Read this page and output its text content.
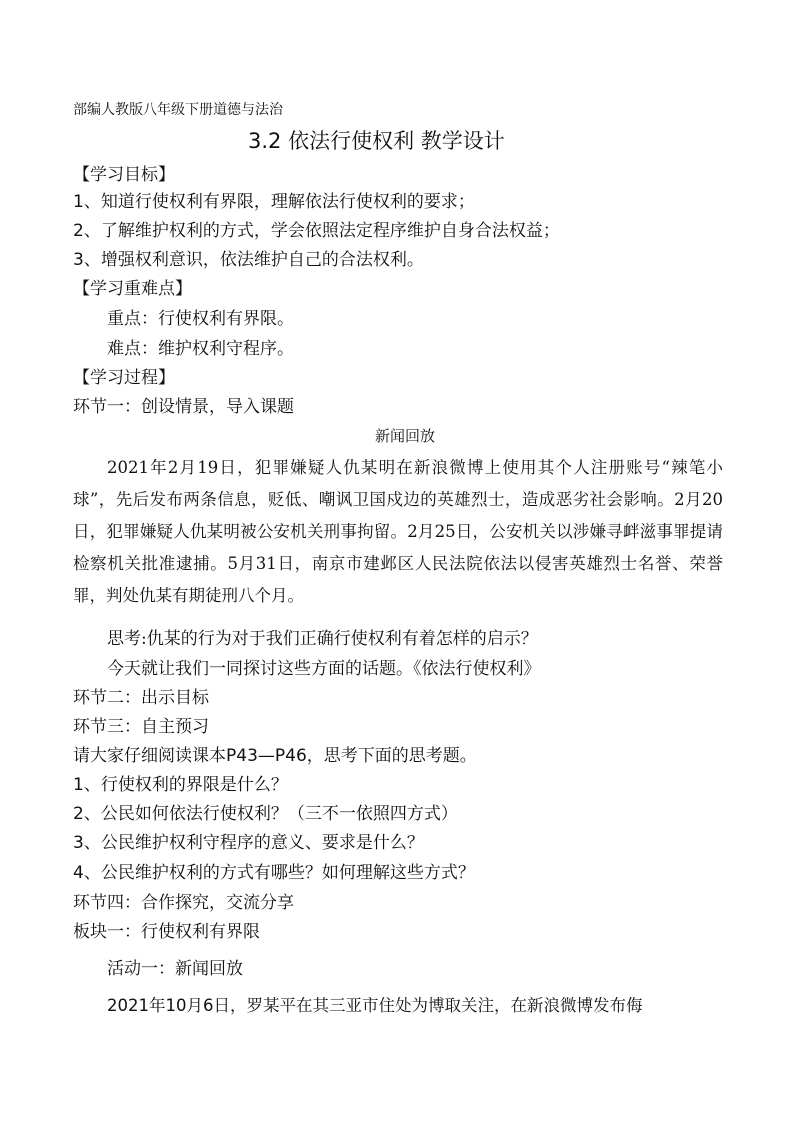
部编人教版八年级下册道德与法治

3.2 依法行使权利 教学设计

【学习目标】

1、知道行使权利有界限，理解依法行使权利的要求；

2、了解维护权利的方式，学会依照法定程序维护自身合法权益；

3、增强权利意识，依法维护自己的合法权利。

【学习重难点】

重点：行使权利有界限。

难点：维护权利守程序。

【学习过程】

环节一：创设情景，导入课题

新闻回放

2021年2月19日，犯罪嫌疑人仇某明在新浪微博上使用其个人注册账号“辣笔小球”，先后发布两条信息，贬低、嘲讽卫国戍边的英雄烈士，造成恶劣社会影响。2月20日，犯罪嫌疑人仇某明被公安机关刑事拘留。2月25日，公安机关以涉嫌寻衅滋事罪提请检察机关批准逮捕。5月31日，南京市建邺区人民法院依法以侵害英雄烈士名誉、荣誉罪，判处仇某有期徒刑八个月。

思考:仇某的行为对于我们正确行使权利有着怎样的启示？

今天就让我们一同探讨这些方面的话题。《依法行使权利》

环节二：出示目标

环节三：自主预习

请大家仔细阅读课本P43—P46，思考下面的思考题。

1、行使权利的界限是什么？

2、公民如何依法行使权利？（三不一依照四方式）

3、公民维护权利守程序的意义、要求是什么？

4、公民维护权利的方式有哪些？如何理解这些方式？

环节四：合作探究，交流分享

板块一：行使权利有界限

活动一：新闻回放

2021年10月6日，罗某平在其三亚市住处为博取关注，在新浪微博发布侮
